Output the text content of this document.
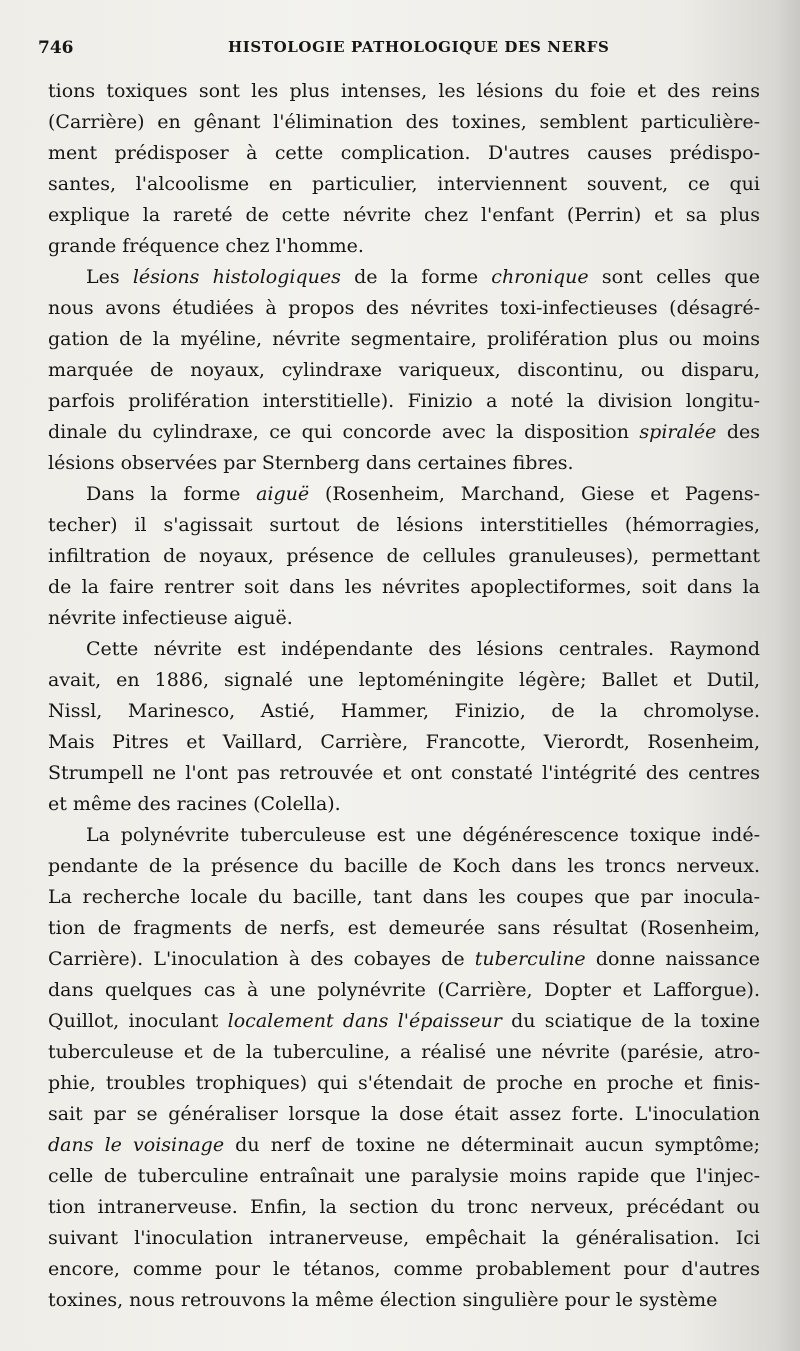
746	HISTOLOGIE PATHOLOGIQUE DES NERFS
tions toxiques sont les plus intenses, les lésions du foie et des reins
(Carrière) en gênant l'élimination des toxines, semblent particulière-
ment prédisposer à cette complication. D'autres causes prédispo-
santes, l'alcoolisme en particulier, interviennent souvent, ce qui
explique la rareté de cette névrite chez l'enfant (Perrin) et sa plus
grande fréquence chez l'homme.
Les lésions histologiques de la forme chronique sont celles que
nous avons étudiées à propos des névrites toxi-infectieuses (désagré-
gation de la myéline, névrite segmentaire, prolifération plus ou moins
marquée de noyaux, cylindraxe variqueux, discontinu, ou disparu,
parfois prolifération interstitielle). Finizio a noté la division longitu-
dinale du cylindraxe, ce qui concorde avec la disposition spiralée des
lésions observées par Sternberg dans certaines fibres.
Dans la forme aiguë (Rosenheim, Marchand, Giese et Pagens-
techer) il s'agissait surtout de lésions interstitielles (hémorragies,
infiltration de noyaux, présence de cellules granuleuses), permettant
de la faire rentrer soit dans les névrites apoplectiformes, soit dans la
névrite infectieuse aiguë.
Cette névrite est indépendante des lésions centrales. Raymond
avait, en 1886, signalé une leptoméningite légère; Ballet et Dutil,
Nissl, Marinesco, Astié, Hammer, Finizio, de la chromolyse.
Mais Pitres et Vaillard, Carrière, Francotte, Vierordt, Rosenheim,
Strumpell ne l'ont pas retrouvée et ont constaté l'intégrité des centres
et même des racines (Colella).
La polynévrite tuberculeuse est une dégénérescence toxique indé-
pendante de la présence du bacille de Koch dans les troncs nerveux.
La recherche locale du bacille, tant dans les coupes que par inocula-
tion de fragments de nerfs, est demeurée sans résultat (Rosenheim,
Carrière). L'inoculation à des cobayes de tuberculine donne naissance
dans quelques cas à une polynévrite (Carrière, Dopter et Lafforgue).
Quillot, inoculant localement dans l'épaisseur du sciatique de la toxine
tuberculeuse et de la tuberculine, a réalisé une névrite (parésie, atro-
phie, troubles trophiques) qui s'étendait de proche en proche et finis-
sait par se généraliser lorsque la dose était assez forte. L'inoculation
dans le voisinage du nerf de toxine ne déterminait aucun symptôme;
celle de tuberculine entraînait une paralysie moins rapide que l'injec-
tion intranerveuse. Enfin, la section du tronc nerveux, précédant ou
suivant l'inoculation intranerveuse, empêchait la généralisation. Ici
encore, comme pour le tétanos, comme probablement pour d'autres
toxines, nous retrouvons la même élection singulière pour le système
